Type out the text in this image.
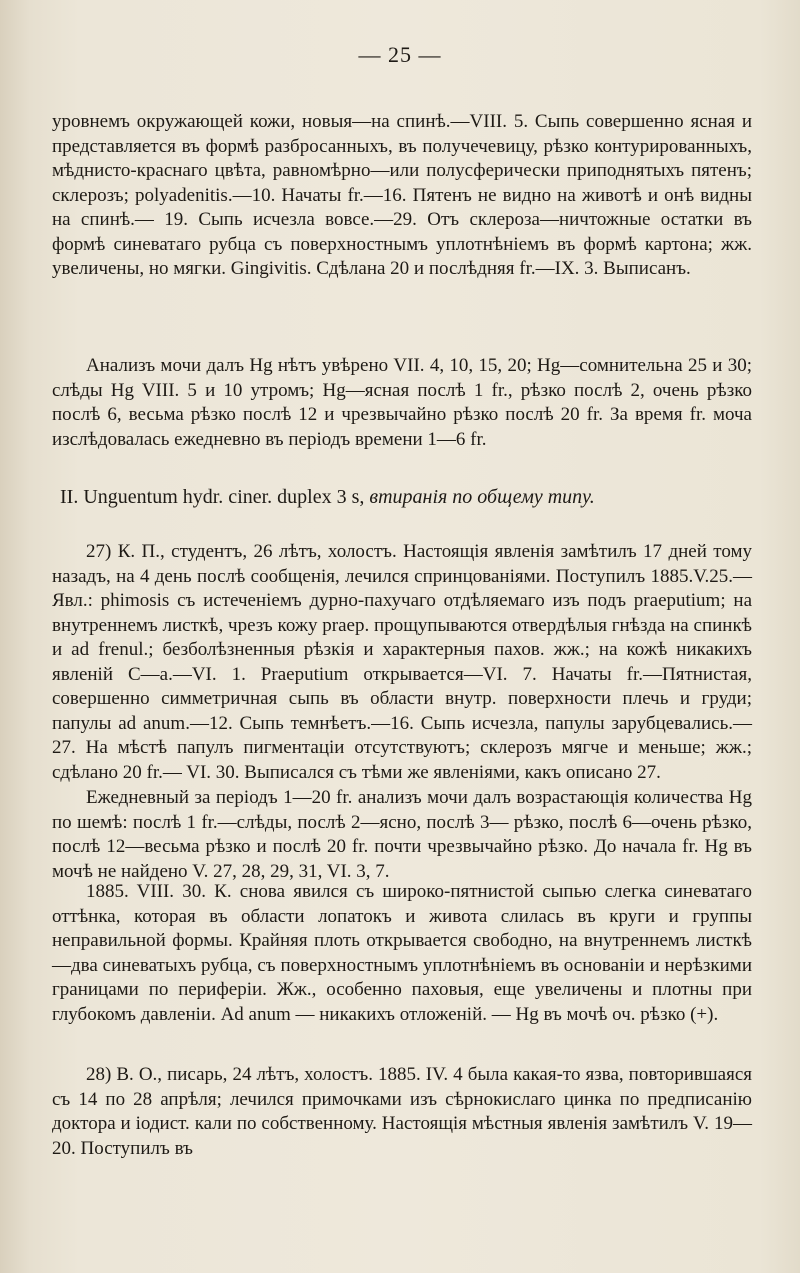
— 25 —

уровнемъ окружающей кожи, новыя—на спинѣ.—VIII. 5. Сыпь совершенно ясная и представляется въ формѣ разбросанныхъ, въ получечевицу, рѣзко контурированныхъ, мѣднисто-краснаго цвѣта, равномѣрно—или полусферически приподнятыхъ пятенъ; склерозъ; polyadenitis.—10. Начаты fr.—16. Пятенъ не видно на животѣ и онѣ видны на спинѣ.— 19. Сыпь исчезла вовсе.—29. Отъ склероза—ничтожные остатки въ формѣ синеватаго рубца съ поверхностнымъ уплотнѣніемъ въ формѣ картона; жж. увеличены, но мягки. Gingivitis. Сдѣлана 20 и послѣдняя fr.—IX. 3. Выписанъ.

Анализъ мочи далъ Hg нѣтъ увѣрено VII. 4, 10, 15, 20; Hg—сомнительна 25 и 30; слѣды Hg VIII. 5 и 10 утромъ; Hg—ясная послѣ 1 fr., рѣзко послѣ 2, очень рѣзко послѣ 6, весьма рѣзко послѣ 12 и чрезвычайно рѣзко послѣ 20 fr. За время fr. моча изслѣдовалась ежедневно въ періодъ времени 1—6 fr.

II. Unguentum hydr. ciner. duplex 3 s, втиранія по общему типу.

27) К. П., студентъ, 26 лѣтъ, холостъ. Настоящія явленія замѣтилъ 17 дней тому назадъ, на 4 день послѣ сообщенія, лечился спринцованіями. Поступилъ 1885.V.25.—Явл.: phimosis съ истеченіемъ дурно-пахучаго отдѣляемаго изъ подъ praeputium; на внутреннемъ листкѣ, чрезъ кожу praep. прощупываются отвердѣлыя гнѣзда на спинкѣ и ad frenul.; безболѣзненныя рѣзкія и характерныя пахов. жж.; на кожѣ никакихъ явленій С—а.—VI. 1. Praeputium открывается—VI. 7. Начаты fr.—Пятнистая, совершенно симметричная сыпь въ области внутр. поверхности плечь и груди; папулы ad anum.—12. Сыпь темнѣетъ.—16. Сыпь исчезла, папулы зарубцевались.—27. На мѣстѣ папулъ пигментаціи отсутствуютъ; склерозъ мягче и меньше; жж.; сдѣлано 20 fr.— VI. 30. Выписался съ тѣми же явленіями, какъ описано 27.

Ежедневный за періодъ 1—20 fr. анализъ мочи далъ возрастающія количества Hg по шемѣ: послѣ 1 fr.—слѣды, послѣ 2—ясно, послѣ 3— рѣзко, послѣ 6—очень рѣзко, послѣ 12—весьма рѣзко и послѣ 20 fr. почти чрезвычайно рѣзко. До начала fr. Hg въ мочѣ не найдено V. 27, 28, 29, 31, VI. 3, 7.

1885. VIII. 30. К. снова явился съ широко-пятнистой сыпью слегка синеватаго оттѣнка, которая въ области лопатокъ и живота слилась въ круги и группы неправильной формы. Крайняя плоть открывается свободно, на внутреннемъ листкѣ—два синеватыхъ рубца, съ поверхностнымъ уплотнѣніемъ въ основаніи и нерѣзкими границами по периферіи. Жж., особенно паховыя, еще увеличены и плотны при глубокомъ давленіи. Ad anum — никакихъ отложеній. — Hg въ мочѣ оч. рѣзко (+).

28) В. О., писарь, 24 лѣтъ, холостъ. 1885. IV. 4 была какая-то язва, повторившаяся съ 14 по 28 апрѣля; лечился примочками изъ сѣрнокислаго цинка по предписанію доктора и іодист. кали по собственному. Настоящія мѣстныя явленія замѣтилъ V. 19—20. Поступилъ въ
